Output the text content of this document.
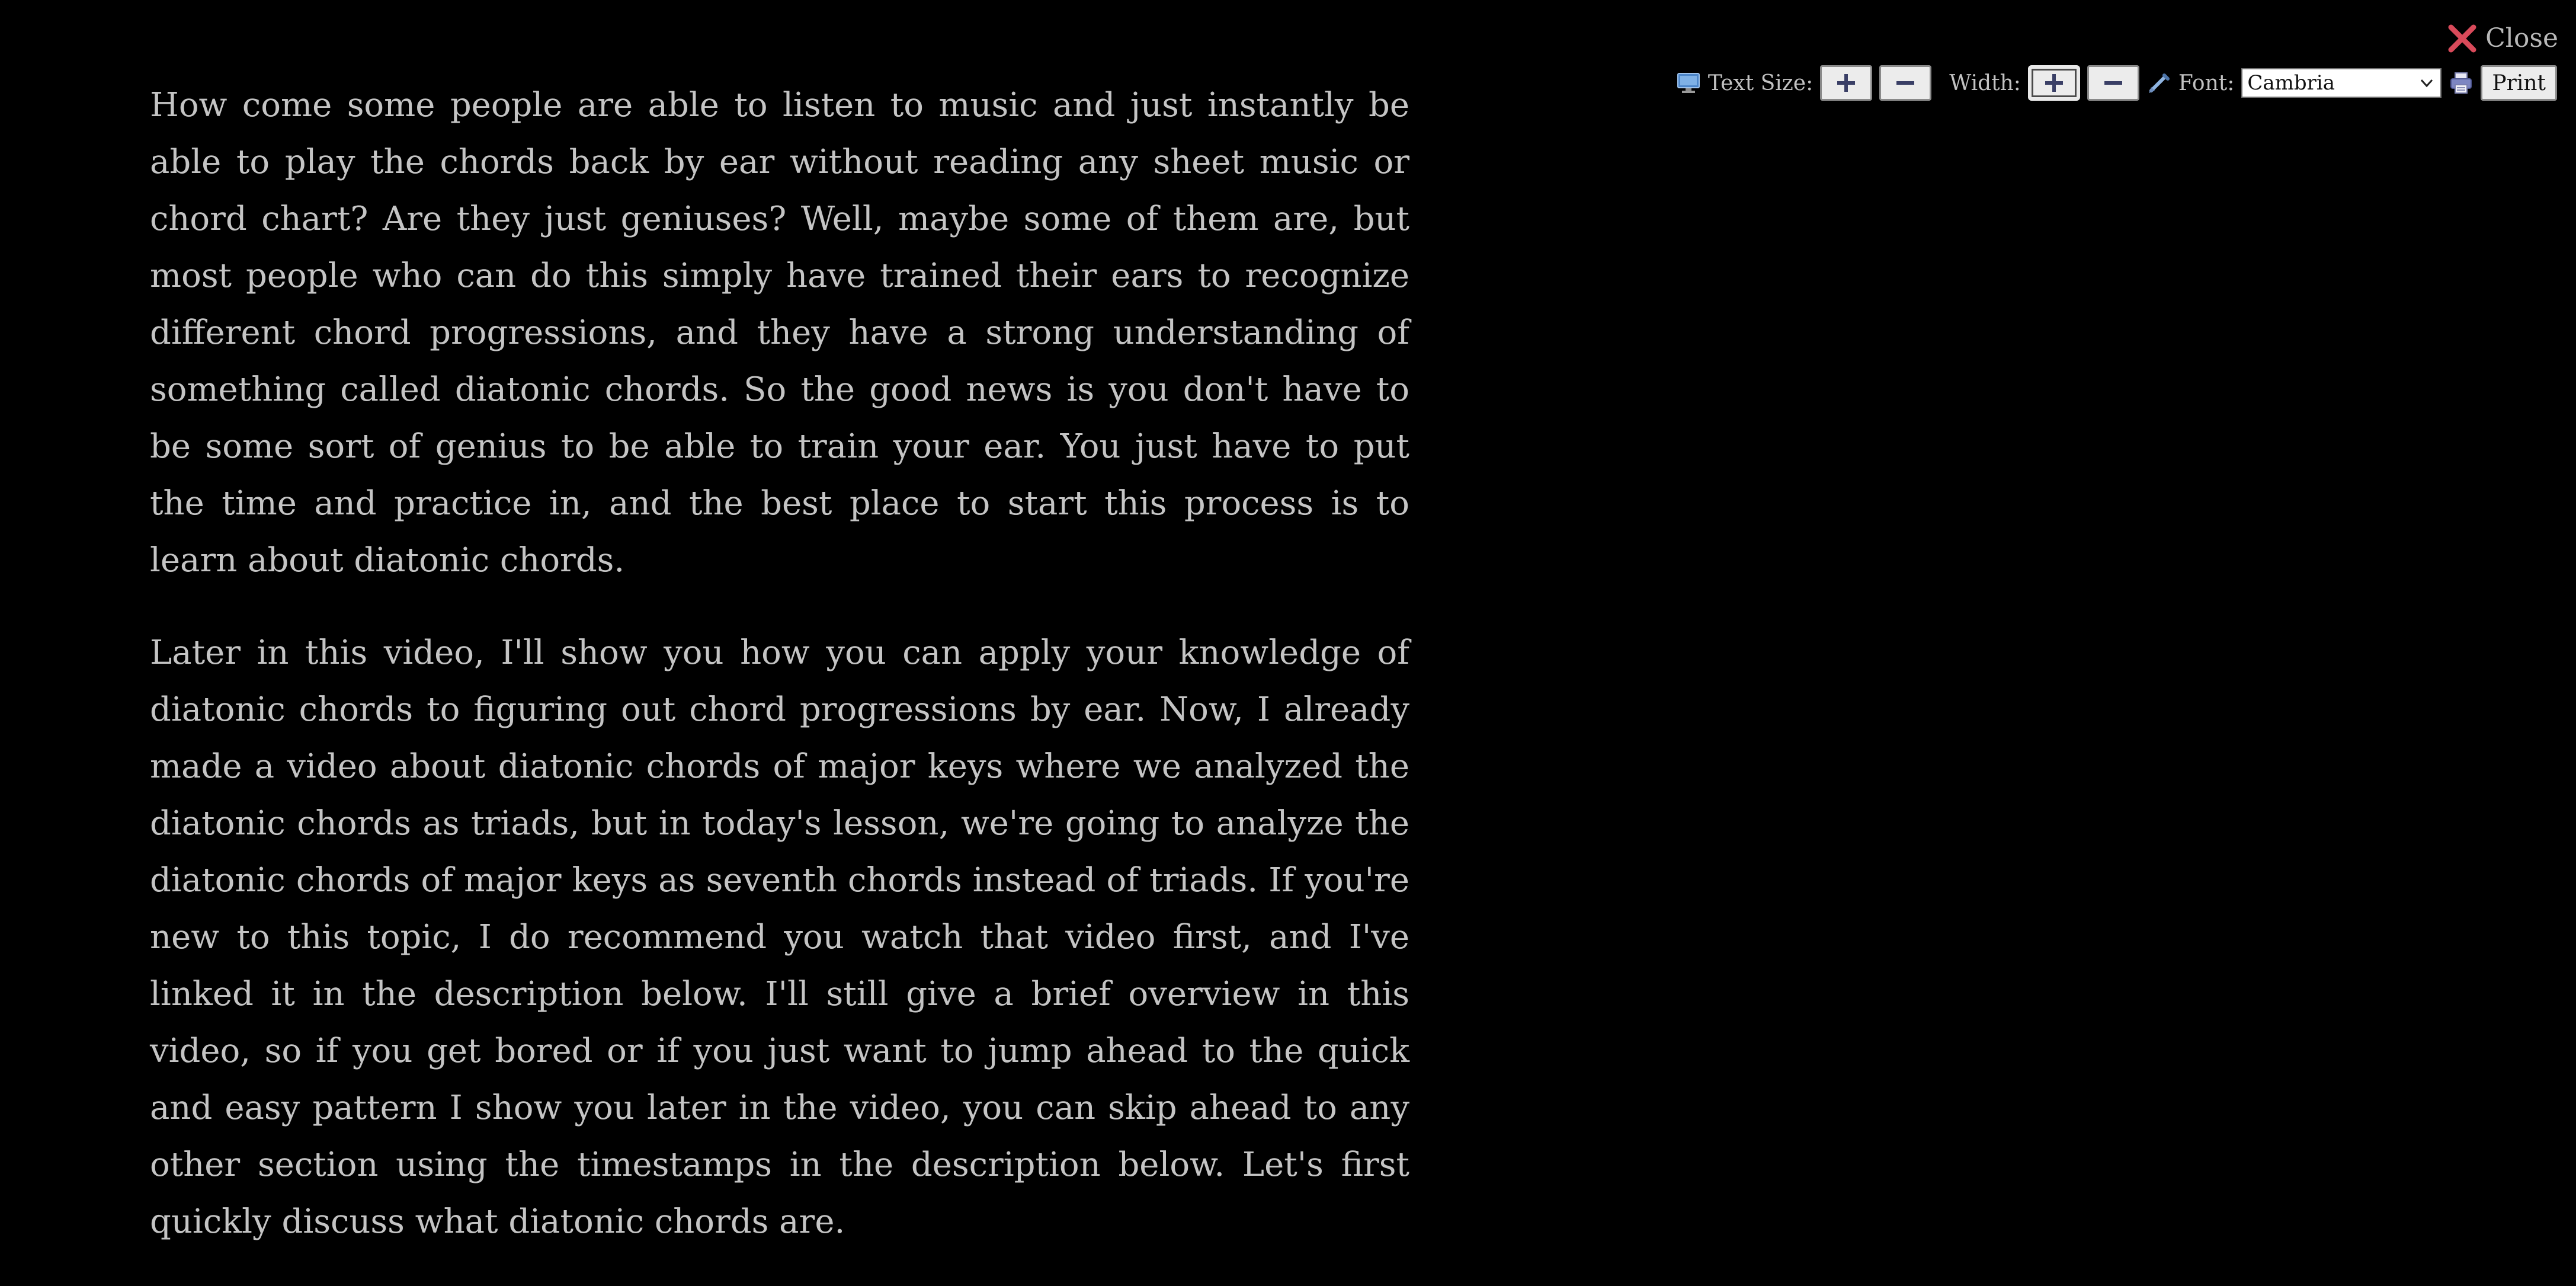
Close
Text Size:	Width:	Font: Cambria	Print

How come some people are able to listen to music and just instantly be able to play the chords back by ear without reading any sheet music or chord chart? Are they just geniuses? Well, maybe some of them are, but most people who can do this simply have trained their ears to recognize different chord progressions, and they have a strong understanding of something called diatonic chords. So the good news is you don't have to be some sort of genius to be able to train your ear. You just have to put the time and practice in, and the best place to start this process is to learn about diatonic chords.

Later in this video, I'll show you how you can apply your knowledge of diatonic chords to figuring out chord progressions by ear. Now, I already made a video about diatonic chords of major keys where we analyzed the diatonic chords as triads, but in today's lesson, we're going to analyze the diatonic chords of major keys as seventh chords instead of triads. If you're new to this topic, I do recommend you watch that video first, and I've linked it in the description below. I'll still give a brief overview in this video, so if you get bored or if you just want to jump ahead to the quick and easy pattern I show you later in the video, you can skip ahead to any other section using the timestamps in the description below. Let's first quickly discuss what diatonic chords are.
